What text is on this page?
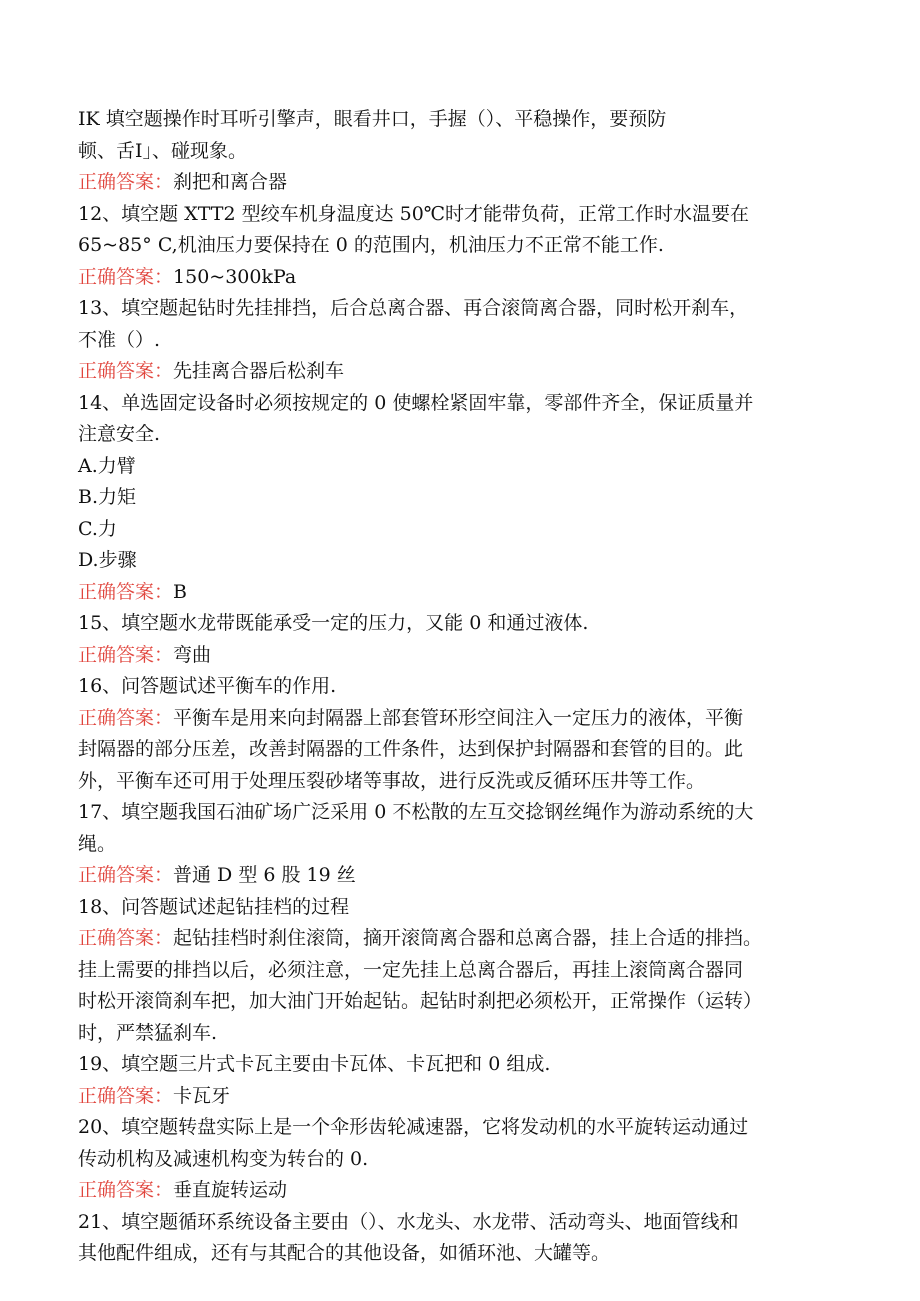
IK 填空题操作时耳听引擎声，眼看井口，手握（）、平稳操作，要预防
顿、舌I」、碰现象。
正确答案：刹把和离合器
12、填空题 XTT2 型绞车机身温度达 50℃时才能带负荷，正常工作时水温要在
65~85° C,机油压力要保持在 0 的范围内，机油压力不正常不能工作.
正确答案：150~300kPa
13、填空题起钻时先挂排挡，后合总离合器、再合滚筒离合器，同时松开刹车，
不准（）.
正确答案：先挂离合器后松刹车
14、单选固定设备时必须按规定的 0 使螺栓紧固牢靠，零部件齐全，保证质量并
注意安全.
A.力臂
B.力矩
C.力
D.步骤
正确答案：B
15、填空题水龙带既能承受一定的压力，又能 0 和通过液体.
正确答案：弯曲
16、问答题试述平衡车的作用.
正确答案：平衡车是用来向封隔器上部套管环形空间注入一定压力的液体，平衡
封隔器的部分压差，改善封隔器的工件条件，达到保护封隔器和套管的目的。此
外，平衡车还可用于处理压裂砂堵等事故，进行反洗或反循环压井等工作。
17、填空题我国石油矿场广泛采用 0 不松散的左互交捻钢丝绳作为游动系统的大
绳。
正确答案：普通 D 型 6 股 19 丝
18、问答题试述起钻挂档的过程
正确答案：起钻挂档时刹住滚筒，摘开滚筒离合器和总离合器，挂上合适的排挡。
挂上需要的排挡以后，必须注意，一定先挂上总离合器后，再挂上滚筒离合器同
时松开滚筒刹车把，加大油门开始起钻。起钻时刹把必须松开，正常操作（运转）
时，严禁猛刹车.
19、填空题三片式卡瓦主要由卡瓦体、卡瓦把和 0 组成.
正确答案：卡瓦牙
20、填空题转盘实际上是一个伞形齿轮减速器，它将发动机的水平旋转运动通过
传动机构及减速机构变为转台的 0.
正确答案：垂直旋转运动
21、填空题循环系统设备主要由（）、水龙头、水龙带、活动弯头、地面管线和
其他配件组成，还有与其配合的其他设备，如循环池、大罐等。
